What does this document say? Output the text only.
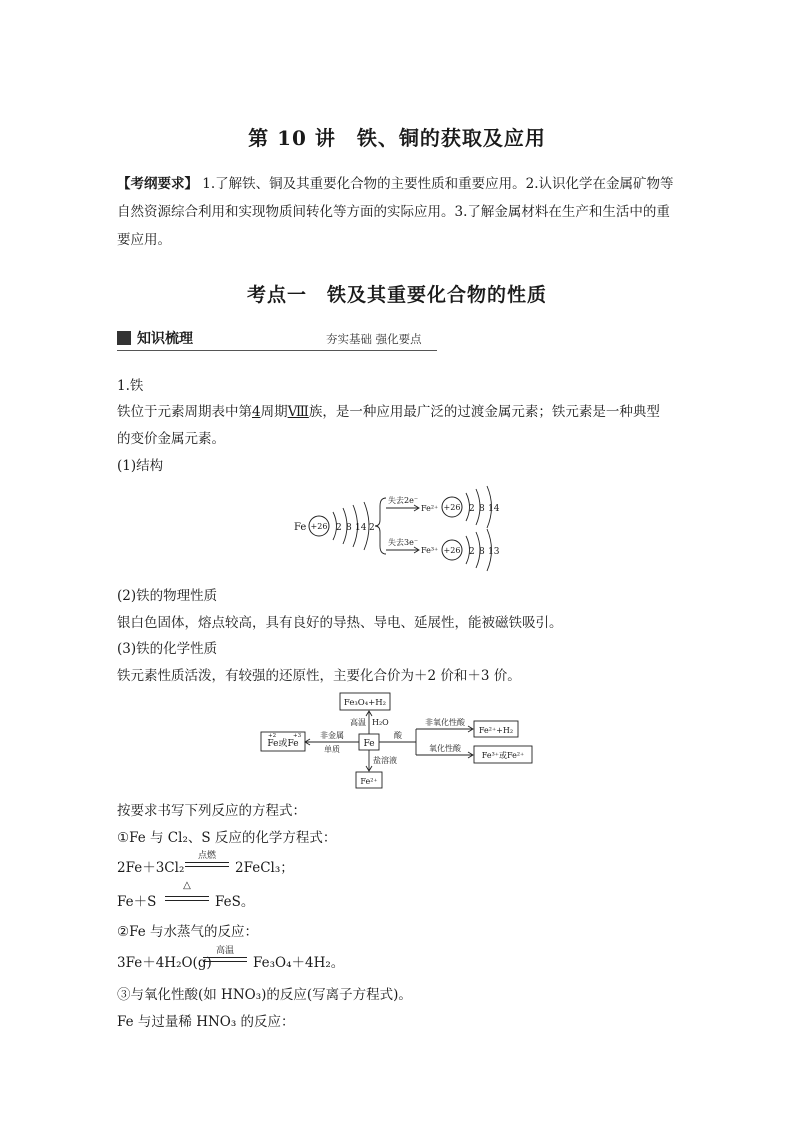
第 10 讲　铁、铜的获取及应用
【考纲要求】 1.了解铁、铜及其重要化合物的主要性质和重要应用。2.认识化学在金属矿物等自然资源综合利用和实现物质间转化等方面的实际应用。3.了解金属材料在生产和生活中的重要应用。
考点一　铁及其重要化合物的性质
知识梳理	夯实基础 强化要点
1.铁
铁位于元素周期表中第4周期Ⅷ族，是一种应用最广泛的过渡金属元素；铁元素是一种典型
的变价金属元素。
(1)结构
Fe +26 2 8 14 2
失去2e⁻
Fe²⁺ +26 2 8 14
失去3e⁻
Fe³⁺ +26 2 8 13
(2)铁的物理性质
银白色固体，熔点较高，具有良好的导热、导电、延展性，能被磁铁吸引。
(3)铁的化学性质
铁元素性质活泼，有较强的还原性，主要化合价为＋2 价和＋3 价。
Fe₃O₄+H₂
高温 H₂O
Fe
非金属
单质
Fe或Fe
+2	+3	酸
非氧化性酸
Fe²⁺+H₂
氧化性酸
Fe³⁺或Fe²⁺
盐溶液
Fe²⁺
按要求书写下列反应的方程式：
①Fe 与 Cl₂、S 反应的化学方程式：
2Fe＋3Cl₂
点燃
2FeCl₃；
Fe＋S
△
FeS。
②Fe 与水蒸气的反应：
3Fe＋4H₂O(g)
高温
Fe₃O₄＋4H₂。
③与氧化性酸(如 HNO₃)的反应(写离子方程式)。
Fe 与过量稀 HNO₃ 的反应：
